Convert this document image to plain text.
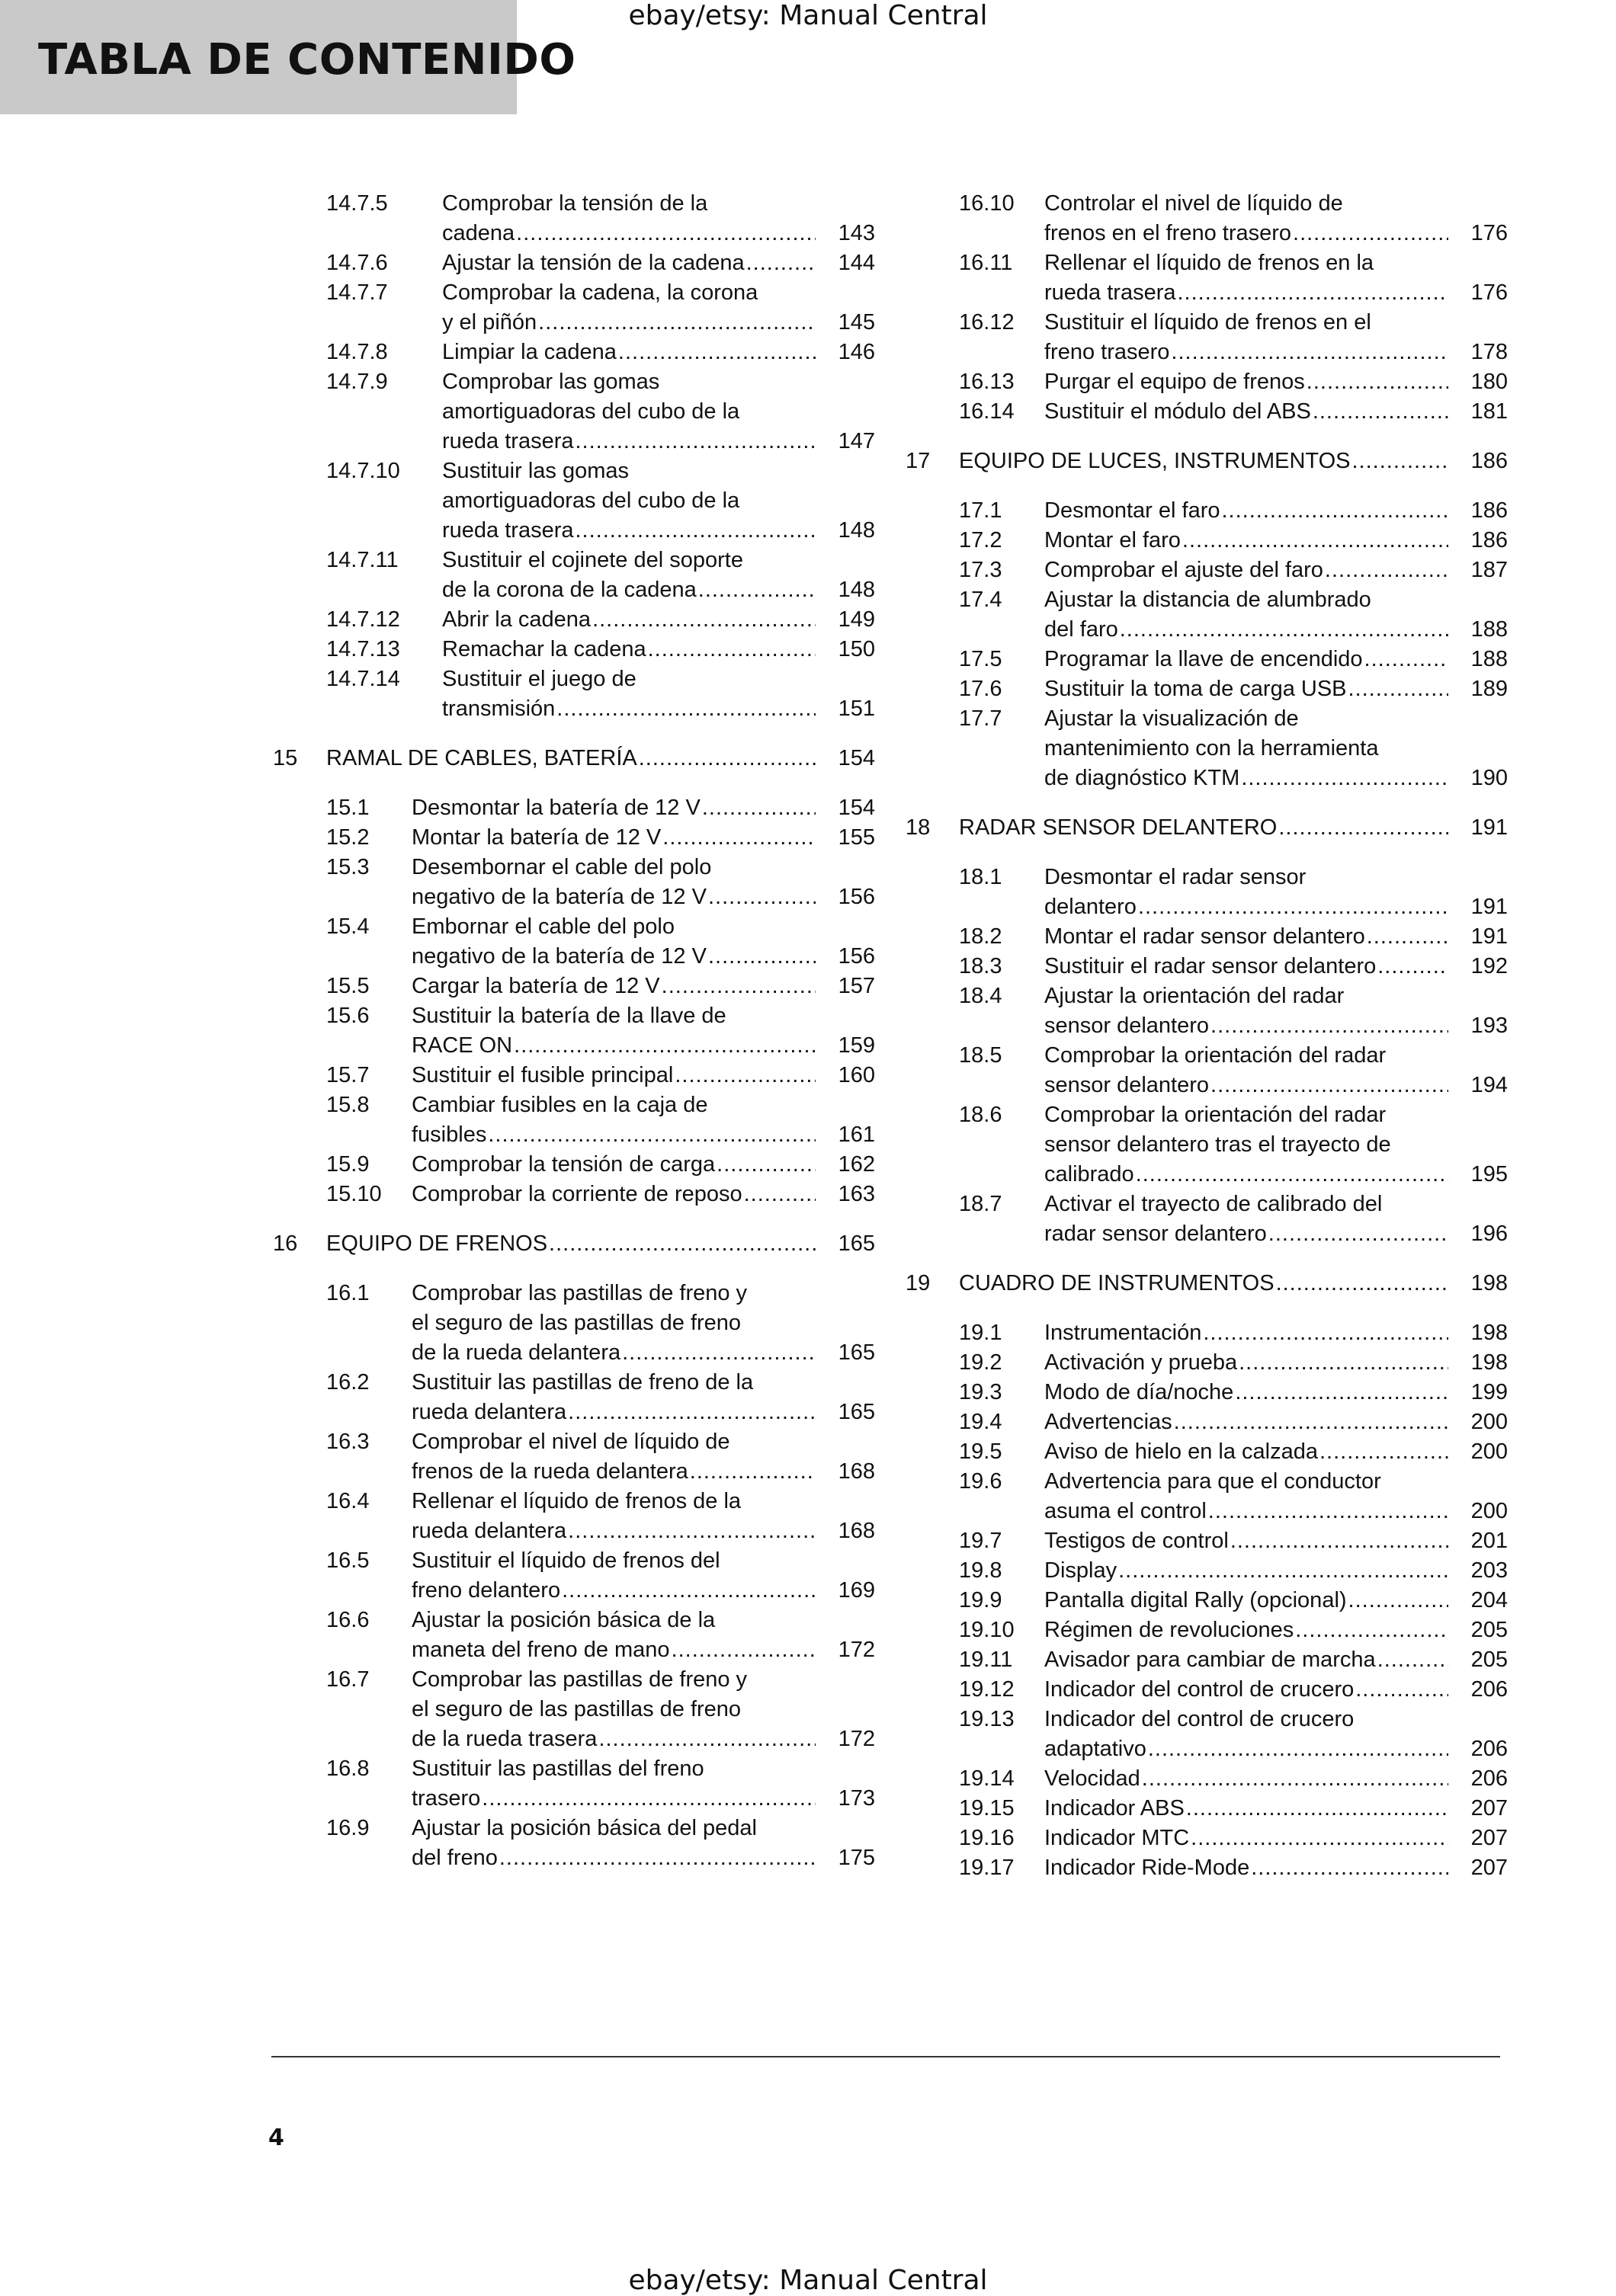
TABLA DE CONTENIDO
ebay/etsy: Manual Central
14.7.5	Comprobar la tensión de la
cadena .....	143
14.7.6	Ajustar la tensión de la cadena .....	144
14.7.7	Comprobar la cadena, la corona
y el piñón .....	145
14.7.8	Limpiar la cadena .....	146
14.7.9	Comprobar las gomas
amortiguadoras del cubo de la
rueda trasera .....	147
14.7.10	Sustituir las gomas
amortiguadoras del cubo de la
rueda trasera .....	148
14.7.11	Sustituir el cojinete del soporte
de la corona de la cadena .....	148
14.7.12	Abrir la cadena .....	149
14.7.13	Remachar la cadena .....	150
14.7.14	Sustituir el juego de
transmisión .....	151
15	RAMAL DE CABLES, BATERÍA .....	154
15.1	Desmontar la batería de 12 V .....	154
15.2	Montar la batería de 12 V .....	155
15.3	Desembornar el cable del polo
negativo de la batería de 12 V .....	156
15.4	Embornar el cable del polo
negativo de la batería de 12 V .....	156
15.5	Cargar la batería de 12 V .....	157
15.6	Sustituir la batería de la llave de
RACE ON .....	159
15.7	Sustituir el fusible principal .....	160
15.8	Cambiar fusibles en la caja de
fusibles .....	161
15.9	Comprobar la tensión de carga .....	162
15.10	Comprobar la corriente de reposo .....	163
16	EQUIPO DE FRENOS .....	165
16.1	Comprobar las pastillas de freno y
el seguro de las pastillas de freno
de la rueda delantera .....	165
16.2	Sustituir las pastillas de freno de la
rueda delantera .....	165
16.3	Comprobar el nivel de líquido de
frenos de la rueda delantera .....	168
16.4	Rellenar el líquido de frenos de la
rueda delantera .....	168
16.5	Sustituir el líquido de frenos del
freno delantero .....	169
16.6	Ajustar la posición básica de la
maneta del freno de mano .....	172
16.7	Comprobar las pastillas de freno y
el seguro de las pastillas de freno
de la rueda trasera .....	172
16.8	Sustituir las pastillas del freno
trasero .....	173
16.9	Ajustar la posición básica del pedal
del freno .....	175
16.10	Controlar el nivel de líquido de
frenos en el freno trasero .....	176
16.11	Rellenar el líquido de frenos en la
rueda trasera .....	176
16.12	Sustituir el líquido de frenos en el
freno trasero .....	178
16.13	Purgar el equipo de frenos .....	180
16.14	Sustituir el módulo del ABS .....	181
17	EQUIPO DE LUCES, INSTRUMENTOS .....	186
17.1	Desmontar el faro .....	186
17.2	Montar el faro .....	186
17.3	Comprobar el ajuste del faro .....	187
17.4	Ajustar la distancia de alumbrado
del faro .....	188
17.5	Programar la llave de encendido .....	188
17.6	Sustituir la toma de carga USB .....	189
17.7	Ajustar la visualización de
mantenimiento con la herramienta
de diagnóstico KTM .....	190
18	RADAR SENSOR DELANTERO .....	191
18.1	Desmontar el radar sensor
delantero .....	191
18.2	Montar el radar sensor delantero .....	191
18.3	Sustituir el radar sensor delantero .....	192
18.4	Ajustar la orientación del radar
sensor delantero .....	193
18.5	Comprobar la orientación del radar
sensor delantero .....	194
18.6	Comprobar la orientación del radar
sensor delantero tras el trayecto de
calibrado .....	195
18.7	Activar el trayecto de calibrado del
radar sensor delantero .....	196
19	CUADRO DE INSTRUMENTOS .....	198
19.1	Instrumentación .....	198
19.2	Activación y prueba .....	198
19.3	Modo de día/noche .....	199
19.4	Advertencias .....	200
19.5	Aviso de hielo en la calzada .....	200
19.6	Advertencia para que el conductor
asuma el control .....	200
19.7	Testigos de control .....	201
19.8	Display .....	203
19.9	Pantalla digital Rally (opcional) .....	204
19.10	Régimen de revoluciones .....	205
19.11	Avisador para cambiar de marcha .....	205
19.12	Indicador del control de crucero .....	206
19.13	Indicador del control de crucero
adaptativo .....	206
19.14	Velocidad .....	206
19.15	Indicador ABS .....	207
19.16	Indicador MTC .....	207
19.17	Indicador Ride-Mode .....	207
4
ebay/etsy: Manual Central
